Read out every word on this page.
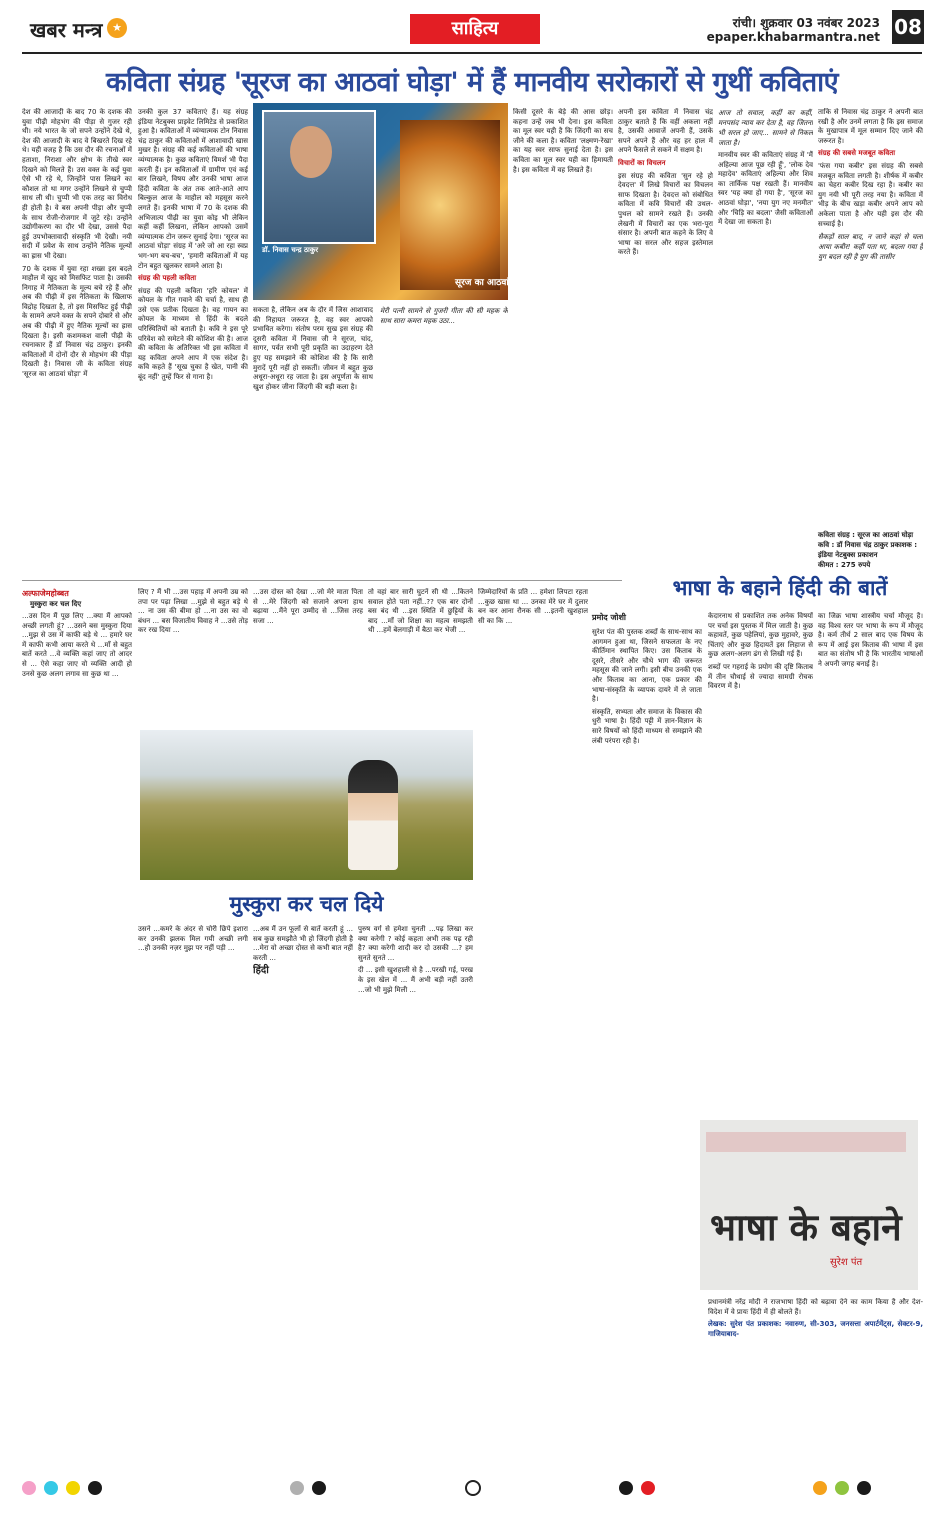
खबर मन्त्र ★	साहित्य	रांची। शुक्रवार 03 नवंबर 2023
epaper.khabarmantra.net 08
कविता संग्रह 'सूरज का आठवां घोड़ा' में हैं मानवीय सरोकारों से गुथीं कविताएं

देश की आजादी के बाद 70 के दशक की युवा पीढ़ी मोहभंग की पीड़ा से गुजर रही थी। नये भारत के जो सपने उन्होंने देखे थे, देश की आजादी के बाद वे बिखरते दिख रहे थे। यही वजह है कि उस दौर की रचनाओं में हताशा, निराशा और क्षोभ के तीखे स्वर दिखने को मिलते हैं। उस वक्त के कई युवा ऐसे भी रहे थे, जिन्होंने पास लिखने का कौशल तो था मगर उन्होंने लिखने से चुप्पी साध ली थी। चुप्पी भी एक तरह का विरोध ही होती है। वे बस अपनी पीड़ा और चुप्पी के साथ रोजी-रोजगार में जुटे रहे। उन्होंने उद्योगीकरण का दौर भी देखा, उससे पैदा हुई उपभोक्तावादी संस्कृति भी देखी। नयी सदी में प्रवेश के साथ उन्होंने नैतिक मूल्यों का ह्रास भी देखा।

70 के दशक में युवा रहा शख्स इस बदले माहौल में खुद को मिसफिट पाता है। उसकी निगाह में नैतिकता के मूल्य बचे रहे हैं और अब की पीढ़ी में इस नैतिकता के खिलाफ विद्रोह दिखता है, तो इस मिसफिट हुई पीढ़ी के सामने अपने वक्त के सपने दोबारे से और अब की पीढ़ी में हुए नैतिक मूल्यों का ह्रास दिखता है। इसी कशमकश वाली पीढ़ी के रचनाकार हैं डॉ निवास चंद्र ठाकुर। इनकी कविताओं में दोनों दौर से मोहभंग की पीड़ा दिखती है। निवास जी के कविता संग्रह 'सूरज का आठवां घोड़ा' में

उनकी कुल 37 कविताएं हैं। यह संग्रह इंडिया नेटबुक्स प्राइवेट लिमिटेड से प्रकाशित हुआ है। कविताओं में व्यंग्यात्मक टोन निवास चंद्र ठाकुर की कविताओं में आशावादी खास मुखर है। संग्रह की कई कविताओं की भाषा व्यंग्यात्मक है। कुछ कविताएं विमर्श भी पैदा करती हैं। इन कविताओं में ग्रामीण एवं कई बार लिखने, विषय और उनकी भाषा आज हिंदी कविता के अंत तक आते-आते आप बिल्कुल आज के माहौल को महसूस करने लगते हैं। इनकी भाषा में 70 के दशक की अभिजात्य पीढ़ी का युवा कोइ भी लेकिन कहीं कहीं लिखना, लेकिन आपको उसमें व्यंग्यात्मक टोन जरूर सुनाई देगा। 'सूरज का आठवां घोड़ा' संग्रह में 'अरे जो आ रहा स्वप्न भग-भग बच-बच', 'हमारी कविताओं में यह टोन बहुत खुलकर सामने आता है।

संग्रह की पहली कविता

संग्रह की पहली कविता 'हरि कोयल' में कोयल के गीत गवाने की चर्चा है, साथ ही उसे एक प्रतीक दिखता है। वह गायन का कोयल के माध्यम से हिंदी के बदले परिस्थितियों को बताती है। कवि ने इस पूरे परिवेश को समेटने की कोशिश की है। आज की कविता के अतिरिक्त भी इस कविता में यह कविता अपने आप में एक संदेश है। कवि कहते हैं 'सूख चुका है खेत, पानी की बूंद नहीं' तुम्हें फिर से गाना है।

डॉ. निवास चन्द्र ठाकुर
सूरज का आठवां घोड़ा

सकता है, लेकिन अब के दौर में जिस आशावाद की निहायत जरूरत है, वह स्वर आपको प्रभावित करेगा। संतोष परम सुख इस संग्रह की दूसरी कविता में निवास जी ने सूरज, चांद, सागर, पर्वत सभी पूरी प्रकृति का उदाहरण देते हुए यह समझाने की कोशिश की है कि सारी मुरादें पूरी नहीं हो सकतीं। जीवन में बहुत कुछ अधूरा-अधूरा रह जाता है। इस अपूर्णता के साथ खुश होकर जीना जिंदगी की बड़ी कला है।

मेरी पत्नी सामने से गुजरी गीता की सी महक के साथ सारा कमरा महक उठा...

किसी दूसरे के बेड़े की आस छोड़। कहना उन्हें जब भी देना। इस कविता का मूल स्वर यही है कि जिंदगी का सच जीने की कला है। कविता 'लक्ष्मण-रेखा' का यह स्वर साफ सुनाई देता है। इस कविता का मूल स्वर यही का हिमायती है। इस कविता में वह लिखते हैं।

अपनी इस कविता में निवास चंद्र ठाकुर बताते हैं कि वहीं अकला नहीं है, उसकी आवाजें अपनी हैं, उसके सपने अपने हैं और वह हर हाल में अपने फैसले ले सकने में सक्षम है।

विचारों का विचलन

इस संग्रह की कविता 'सुन रहे हो देवदत्त' में लिखे विचारों का विचलन साफ दिखता है। देवदत्त को संबोधित कविता में कवि विचारों की उथल-पुथल को सामने रखते हैं। उनकी लेखनी में विचारों का एक भरा-पूरा संसार है। अपनी बात कहने के लिए वे भाषा का सरल और सहज इस्तेमाल करते हैं।

आज तो सवाल, कहीं का कहीं, मनपसंद न्याय कर देता है, वह जितना भी सरल हो जाए... सामने से निकल जाता है।

मानवीय स्वर की कविताएं संग्रह में 'मैं अहिल्या आज पूछ रही हूँ', 'लोक देव महादेव' कविताएं अहिल्या और शिव का तार्किक पक्ष रखती हैं। मानवीय स्वर 'यह क्या हो गया है', 'सूरज का आठवां घोड़ा', 'नया युग नए मनमीत' और 'चिड़ि का बदला' जैसी कविताओं में देखा जा सकता है।

ताकि से निवास चंद्र ठाकुर ने अपनी बात रखी है और उनमें लगता है कि इस समाज के मुखापात्र में मूल सम्मान दिए जाने की जरूरत है।

संग्रह की सबसे मजबूत कविता

'फंस गया कबीर' इस संग्रह की सबसे मजबूत कविता लगती है। शीर्षक में कबीर का चेहरा कबीर दिख रहा है। कबीर का युग नयी भी पूरी तरह नया है। कविता में भीड़ के बीच खड़ा कबीर अपने आप को अकेला पाता है और यही इस दौर की सच्चाई है।

सैकड़ों साल बाद, न जाने कहां से चला आया कबीर! कहीं पता था, बदला गया है युग बदल रही है युग की तासीर

कविता संग्रह : सूरज का आठवां घोड़ा
कवि : डॉ निवास चंद्र ठाकुर प्रकाशक : इंडिया नेटबुक्स प्रकाशन
कीमत : 275 रुपये
अल्फाजेमहोब्बत
मुस्कुरा कर चल दिए

...उस दिन मैं पूछ लिए ...क्या मैं आपको अच्छी लगती हूं? ...उसने बस मुस्कुरा दिया ...मुझ से उस में काफी बड़े थे ... हमारे घर में काफी कभी आया करते थे ...माँ से बहुत बातें करते ...वे व्यक्ति कहां जाए तो आदर से ... ऐसे कहा जाए वो व्यक्ति आदी हो उनसे कुछ अलग लगाव सा कुछ था ...

लिए ? मैं भी ...उस पहाड़ में अपनी उम्र को तपा पर पढ़ा लिखा ...मुझे से बहुत बड़े थे ... ना उस की बीमा हो ...ना उस का वो बंधन ... बस विजातीय विवाह ने ...उसे तोड़ कर रख दिया ...

...उस दोस्त को देखा ...जो मेरे माता पिता से ...मेरे जिंदगी को सजाने अपना हाथ बढ़ाया ...मैंने पूरा उम्मीद से ...जिस तरह सजा ...

तो वहां बार सारी घुटनें सी थी ...कितने सवाल होते पता नहीं..?? एक बार दोनों बस बंद थी ...इस स्थिति में छुट्टियों के बाद ...माँ जो शिक्षा का महत्व समझती थी ...हमें बेलगाड़ी में बैठा कर भेजी ...

जिम्मेदारियों के प्रति ... हमेशा लिपटा रहता ...कुछ खास था ... उनका मेरे घर में दुलार बन कर आना रौनक सी ...इतनी खुशहाल सी का कि ...

मुस्कुरा कर चल दिये

उसने ...कमरे के अंदर से चोरी छिपे इशारा कर उनकी झलक मिल गयी अच्छी लगी ...हौ उनकी नज़र मुझ पर नहीं पड़ी ...

...अब मैं उन फूलों से बातें करती हूं ... सब कुछ समझौते भी हो जिंदगी होती है ...मेरा वो अच्छा दोस्त से कभी बात नहीं करती ...

हिंदी

पुरुष वर्ग से हमेशा चुनती ...पढ़ लिखा कर क्या करेगी ? कोई कहता अभी तक पढ़ रही है? क्या करेगी शादी कर दो उसकी ...? हम सुनते सुनते ...

दी ... इसी खुशहाली से है ...परखी गई, परख के इस खेल में ... मैं अभी बड़ी नहीं उतरी ...जो भी मुझे मिली ...

भाषा के बहाने हिंदी की बातें
प्रमोद जोशी

सुरेश पंत की पुस्तक शब्दों के साथ-साथ का आगमन हुआ था, जिसने सफलता के नए कीर्तिमान स्थापित किए। उस किताब के दूसरे, तीसरे और चौथे भाग की जरूरत महसूस की जाने लगी। इसी बीच उनकी एक और किताब का आना, एक प्रकार की भाषा-संस्कृति के व्यापक दायरे में ले जाता है।

संस्कृति, सभ्यता और समाज के विकास की धुरी भाषा है। हिंदी पट्टी में ज्ञान-विज्ञान के सारे विषयों को हिंदी माध्यम से समझाने की लंबी परंपरा रही है।

केदारनाथ से प्रकाशित तक अनेक विषयों पर चर्चा इस पुस्तक में मिल जाती है। कुछ कहावतें, कुछ पहेलियां, कुछ मुहावरे, कुछ चिंताएं और कुछ हिदायतें इस लिहाज से कुछ अलग-अलग ढंग से लिखी गई हैं।

शब्दों पर गहराई के प्रयोग की दृष्टि किताब में तीन चौथाई से ज्यादा सामग्री रोचक विवरण में है।

का जिक्र भाषा शास्त्रीय चर्चा मौजूद है। वह विश्व स्तर पर भाषा के रूप में मौजूद है। कर्म तीर्थ 2 साल बाद एक विषय के रूप में आई इस किताब की भाषा में इस बात का संतोष भी है कि भारतीय भाषाओं ने अपनी जगह बनाई है।

भाषा के बहाने
सुरेश पंत

प्रधानमंत्री नरेंद्र मोदी ने राजभाषा हिंदी को बढ़ावा देने का काम किया है और देश-विदेश में वे प्रायः हिंदी में ही बोलते हैं।

लेखक: सुरेश पंत प्रकाशक: नवारुण, सी-303, जनसत्ता अपार्टमेंट्स, सेक्टर-9, गाजियाबाद-
